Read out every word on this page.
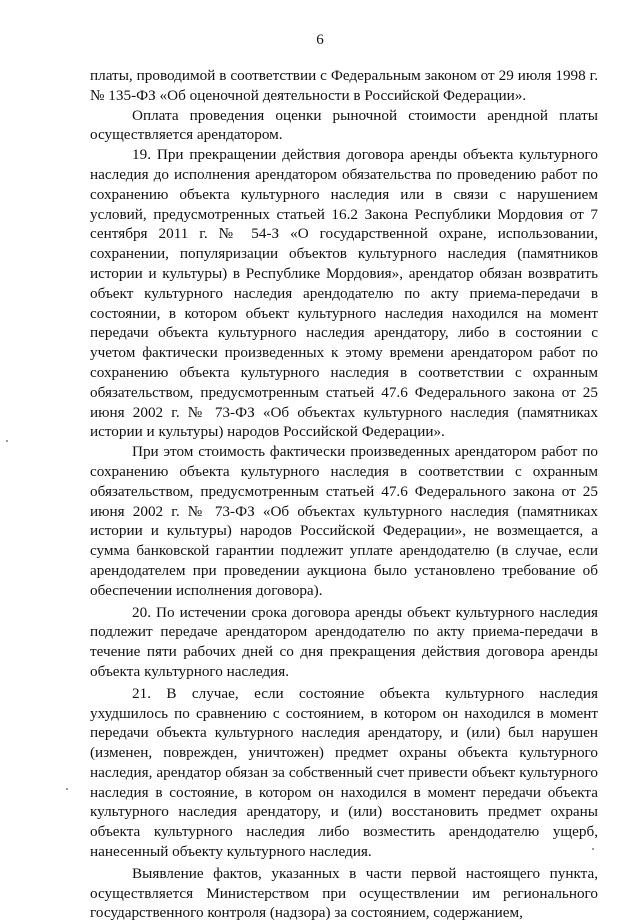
6

платы, проводимой в соответствии с Федеральным законом от 29 июля 1998 г. № 135-ФЗ «Об оценочной деятельности в Российской Федерации».

Оплата проведения оценки рыночной стоимости арендной платы осуществляется арендатором.

19. При прекращении действия договора аренды объекта культурного наследия до исполнения арендатором обязательства по проведению работ по сохранению объекта культурного наследия или в связи с нарушением условий, предусмотренных статьей 16.2 Закона Республики Мордовия от 7 сентября 2011 г. № 54-З «О государственной охране, использовании, сохранении, популяризации объектов культурного наследия (памятников истории и культуры) в Республике Мордовия», арендатор обязан возвратить объект культурного наследия арендодателю по акту приема-передачи в состоянии, в котором объект культурного наследия находился на момент передачи объекта культурного наследия арендатору, либо в состоянии с учетом фактически произведенных к этому времени арендатором работ по сохранению объекта культурного наследия в соответствии с охранным обязательством, предусмотренным статьей 47.6 Федерального закона от 25 июня 2002 г. № 73-ФЗ «Об объектах культурного наследия (памятниках истории и культуры) народов Российской Федерации».

При этом стоимость фактически произведенных арендатором работ по сохранению объекта культурного наследия в соответствии с охранным обязательством, предусмотренным статьей 47.6 Федерального закона от 25 июня 2002 г. № 73-ФЗ «Об объектах культурного наследия (памятниках истории и культуры) народов Российской Федерации», не возмещается, а сумма банковской гарантии подлежит уплате арендодателю (в случае, если арендодателем при проведении аукциона было установлено требование об обеспечении исполнения договора).

20. По истечении срока договора аренды объект культурного наследия подлежит передаче арендатором арендодателю по акту приема-передачи в течение пяти рабочих дней со дня прекращения действия договора аренды объекта культурного наследия.

21. В случае, если состояние объекта культурного наследия ухудшилось по сравнению с состоянием, в котором он находился в момент передачи объекта культурного наследия арендатору, и (или) был нарушен (изменен, поврежден, уничтожен) предмет охраны объекта культурного наследия, арендатор обязан за собственный счет привести объект культурного наследия в состояние, в котором он находился в момент передачи объекта культурного наследия арендатору, и (или) восстановить предмет охраны объекта культурного наследия либо возместить арендодателю ущерб, нанесенный объекту культурного наследия.

Выявление фактов, указанных в части первой настоящего пункта, осуществляется Министерством при осуществлении им регионального государственного контроля (надзора) за состоянием, содержанием,
